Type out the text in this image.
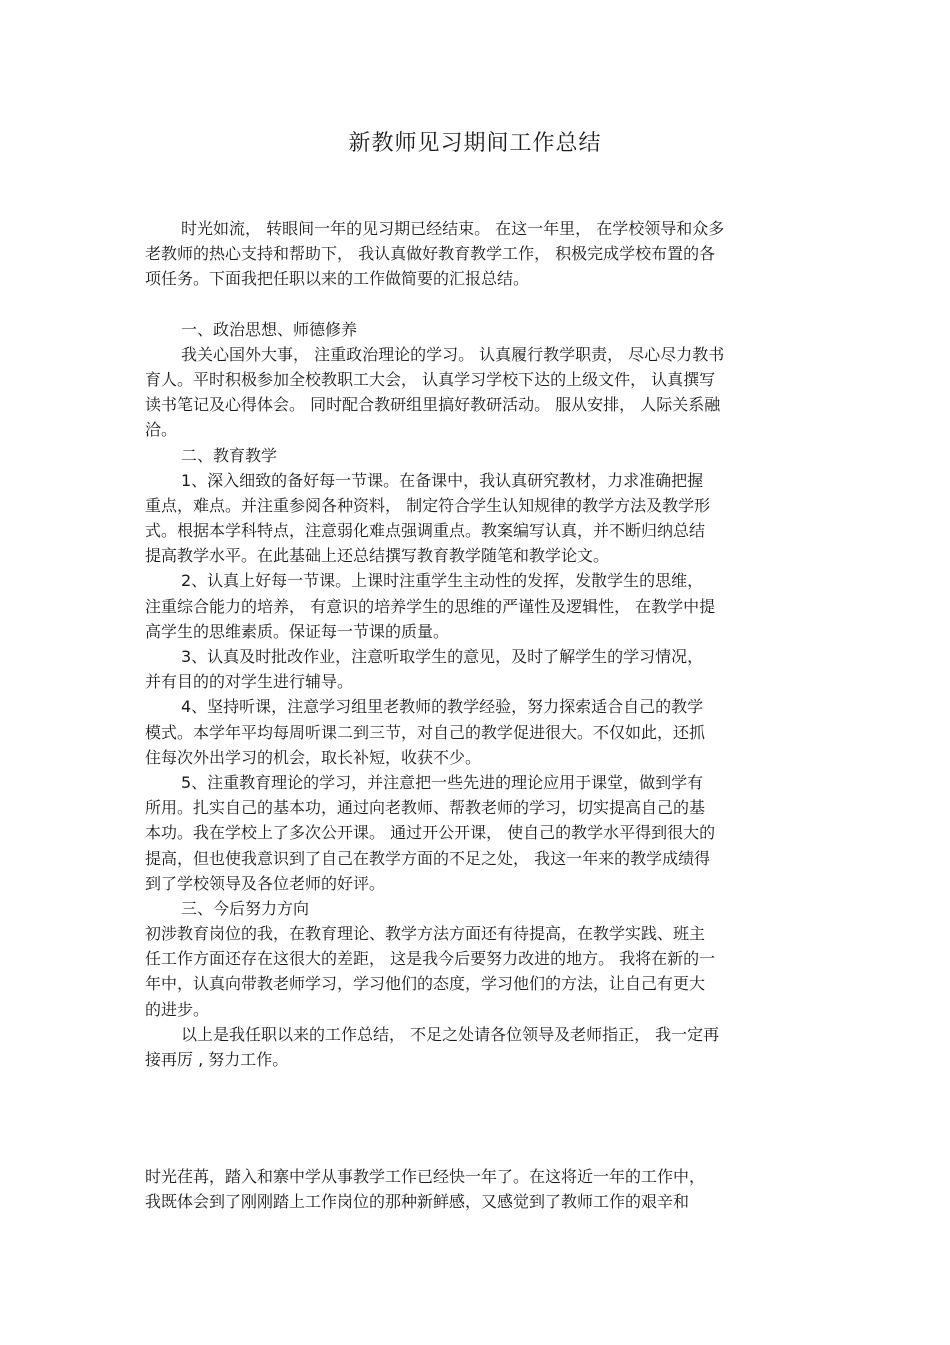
新教师见习期间工作总结

时光如流， 转眼间一年的见习期已经结束。 在这一年里， 在学校领导和众多

老教师的热心支持和帮助下， 我认真做好教育教学工作， 积极完成学校布置的各

项任务。下面我把任职以来的工作做简要的汇报总结。

一、政治思想、师德修养

我关心国外大事， 注重政治理论的学习。 认真履行教学职责， 尽心尽力教书

育人。平时积极参加全校教职工大会， 认真学习学校下达的上级文件， 认真撰写

读书笔记及心得体会。 同时配合教研组里搞好教研活动。 服从安排， 人际关系融

洽。

二、教育教学

1、深入细致的备好每一节课。在备课中，我认真研究教材，力求准确把握

重点，难点。并注重参阅各种资料， 制定符合学生认知规律的教学方法及教学形

式。根据本学科特点，注意弱化难点强调重点。教案编写认真，并不断归纳总结

提高教学水平。在此基础上还总结撰写教育教学随笔和教学论文。

2、认真上好每一节课。上课时注重学生主动性的发挥，发散学生的思维，

注重综合能力的培养， 有意识的培养学生的思维的严谨性及逻辑性， 在教学中提

高学生的思维素质。保证每一节课的质量。

3、认真及时批改作业，注意听取学生的意见，及时了解学生的学习情况，

并有目的的对学生进行辅导。

4、坚持听课，注意学习组里老教师的教学经验，努力探索适合自己的教学

模式。本学年平均每周听课二到三节，对自己的教学促进很大。不仅如此，还抓

住每次外出学习的机会，取长补短，收获不少。

5、注重教育理论的学习，并注意把一些先进的理论应用于课堂，做到学有

所用。扎实自己的基本功，通过向老教师、帮教老师的学习，切实提高自己的基

本功。我在学校上了多次公开课。 通过开公开课， 使自己的教学水平得到很大的

提高，但也使我意识到了自己在教学方面的不足之处， 我这一年来的教学成绩得

到了学校领导及各位老师的好评。

三、今后努力方向

初涉教育岗位的我，在教育理论、教学方法方面还有待提高，在教学实践、班主

任工作方面还存在这很大的差距， 这是我今后要努力改进的地方。 我将在新的一

年中，认真向带教老师学习，学习他们的态度，学习他们的方法，让自己有更大

的进步。

以上是我任职以来的工作总结， 不足之处请各位领导及老师指正， 我一定再

接再厉 , 努力工作。

时光荏苒，踏入和寨中学从事教学工作已经快一年了。在这将近一年的工作中，

我既体会到了刚刚踏上工作岗位的那种新鲜感，又感觉到了教师工作的艰辛和
